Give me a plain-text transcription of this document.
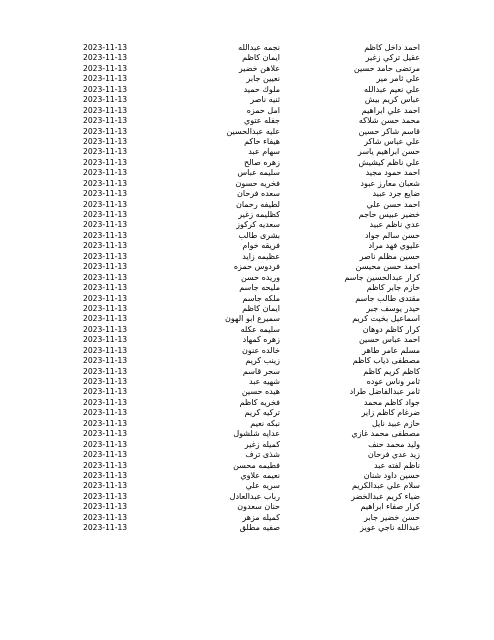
احمد داخل كاظم
نجمه عبدالله
2023-11-13
عقيل تركي زغير
ايمان كاظم
2023-11-13
مرتضى حامد حسين
علاهن خضير
2023-11-13
علي ثامر مير
نعيين جابر
2023-11-13
علي نعيم عبدالله
ملوك حميد
2023-11-13
عباس كريم بيش
ثنيه ناصر
2023-11-13
احمد علي ابراهيم
امل حمزه
2023-11-13
محمد حسن شلاكه
جفله عتوي
2023-11-13
قاسم شاكر حسين
عليه عبدالحسين
2023-11-13
علي عباس شاكر
هيفاء حاكم
2023-11-13
حسن ابراهيم ياسر
سهام عبد
2023-11-13
علي ناظم كيشيش
زهره صالح
2023-11-13
احمد حمود مجيد
سليمه عباس
2023-11-13
شعبان معارز عبود
فخريه حسون
2023-11-13
ضايع جرد عبيد
سعده فرحان
2023-11-13
احمد حسن علي
لطيفه رحمان
2023-11-13
خضير عبيس حاجم
كظليمه زغير
2023-11-13
عدي ناظم عبيد
سعديه كركوز
2023-11-13
حسن سالم جواد
بشرى طالب
2023-11-13
عليوي فهد مراد
فريقه خوام
2023-11-13
حسين مظلم ناصر
عظيمه زايد
2023-11-13
احمد حسن محيسن
فردوس حمزه
2023-11-13
كرار عبدالحسين جاسم
وريده حسن
2023-11-13
حازم جابر كاظم
مليحه جاسم
2023-11-13
مقتدى طالب جاسم
ملكه جاسم
2023-11-13
حيدر يوسف جبر
ايمان كاظم
2023-11-13
اسماعيل بخيت كريم
سميرع ابو الهون
2023-11-13
كرار كاظم دوهان
سليمه عكله
2023-11-13
احمد عباس حسين
زهره كمهاد
2023-11-13
مسلم عامر طاهر
خالده عنون
2023-11-13
مصطفى ذياب كاظم
زينب كريم
2023-11-13
كاظم كريم كاظم
سحر قاسم
2023-11-13
ثامر وناس عوده
شهيه عبد
2023-11-13
ثامر عبدالفاضل طراد
هيده حسين
2023-11-13
جواد كاظم محمد
فخريه كاظم
2023-11-13
ضرغام كاظم زاير
تركيه كريم
2023-11-13
حازم عبيد نايل
نبكه نعيم
2023-11-13
مصطفى محمد غازي
عدايه شلشول
2023-11-13
وليد محمد حنف
كميله زغير
2023-11-13
زيد عدي فرحان
شذى ترف
2023-11-13
ناظم لفته عبد
فطيمه محسن
2023-11-13
حسين داود شنان
نعيمه علاوي
2023-11-13
سلام علي عبدالكريم
سريه علي
2023-11-13
ضياء كريم عبدالخضر
رباب عبدالعادل
2023-11-13
كرار صفاء ابراهيم
حنان سعدون
2023-11-13
حسن خضير جابر
كميله مزهر
2023-11-13
عبدالله ناجي عويز
صفيه مطلق
2023-11-13
